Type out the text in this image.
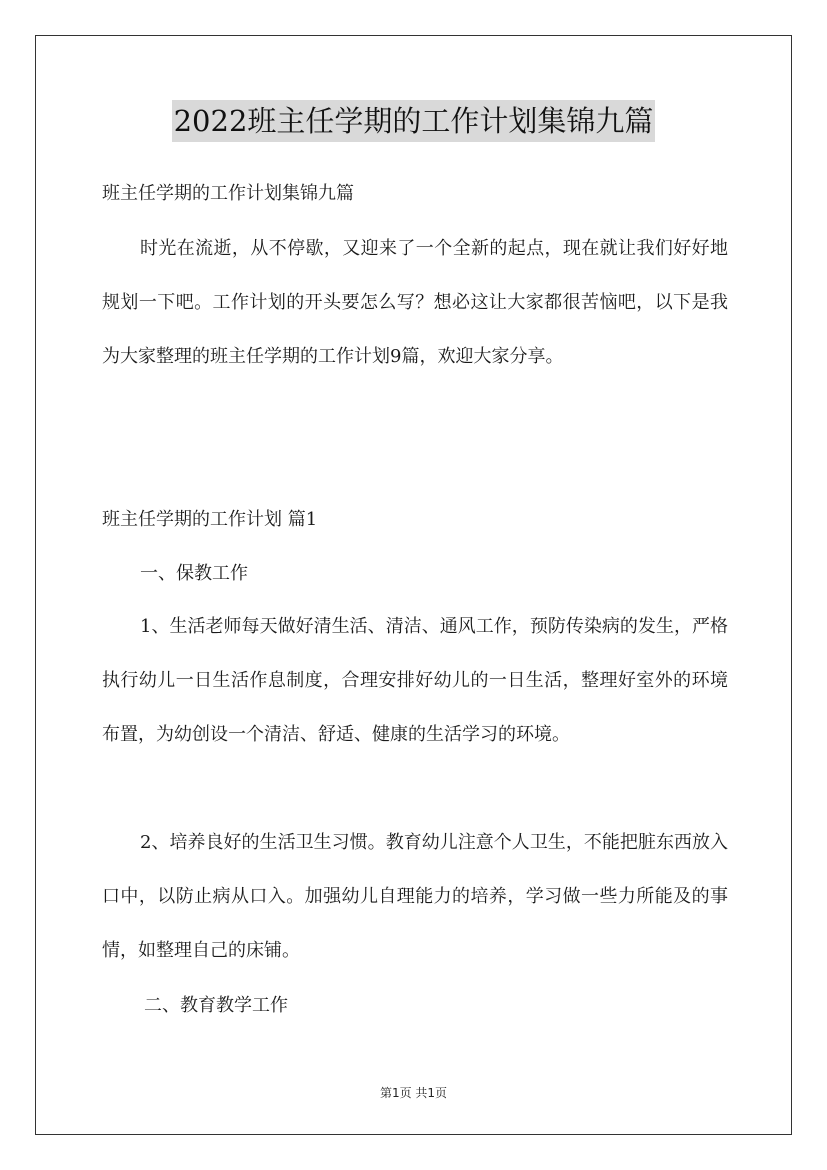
2022班主任学期的工作计划集锦九篇
班主任学期的工作计划集锦九篇
时光在流逝，从不停歇，又迎来了一个全新的起点，现在就让我们好好地规划一下吧。工作计划的开头要怎么写？想必这让大家都很苦恼吧，以下是我为大家整理的班主任学期的工作计划9篇，欢迎大家分享。
班主任学期的工作计划 篇1
一、保教工作
1、生活老师每天做好清生活、清洁、通风工作，预防传染病的发生，严格执行幼儿一日生活作息制度，合理安排好幼儿的一日生活，整理好室外的环境布置，为幼创设一个清洁、舒适、健康的生活学习的环境。
2、培养良好的生活卫生习惯。教育幼儿注意个人卫生，不能把脏东西放入口中，以防止病从口入。加强幼儿自理能力的培养，学习做一些力所能及的事情，如整理自己的床铺。
二、教育教学工作
第1页 共1页
